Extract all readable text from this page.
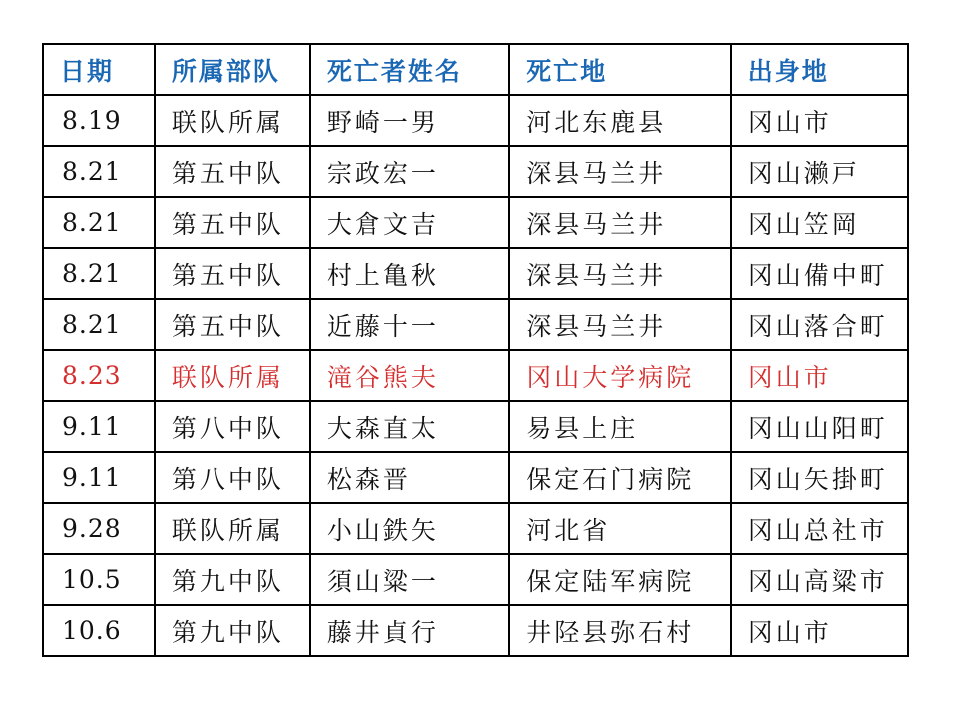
日期	所属部队	死亡者姓名	死亡地	出身地
8.19	联队所属	野崎一男	河北东鹿县	冈山市
8.21	第五中队	宗政宏一	深县马兰井	冈山濑戸
8.21	第五中队	大倉文吉	深县马兰井	冈山笠岡
8.21	第五中队	村上亀秋	深县马兰井	冈山備中町
8.21	第五中队	近藤十一	深县马兰井	冈山落合町
8.23	联队所属	滝谷熊夫	冈山大学病院	冈山市
9.11	第八中队	大森直太	易县上庄	冈山山阳町
9.11	第八中队	松森晋	保定石门病院	冈山矢掛町
9.28	联队所属	小山鉄矢	河北省	冈山总社市
10.5	第九中队	須山粱一	保定陆军病院	冈山高粱市
10.6	第九中队	藤井貞行	井陉县弥石村	冈山市
